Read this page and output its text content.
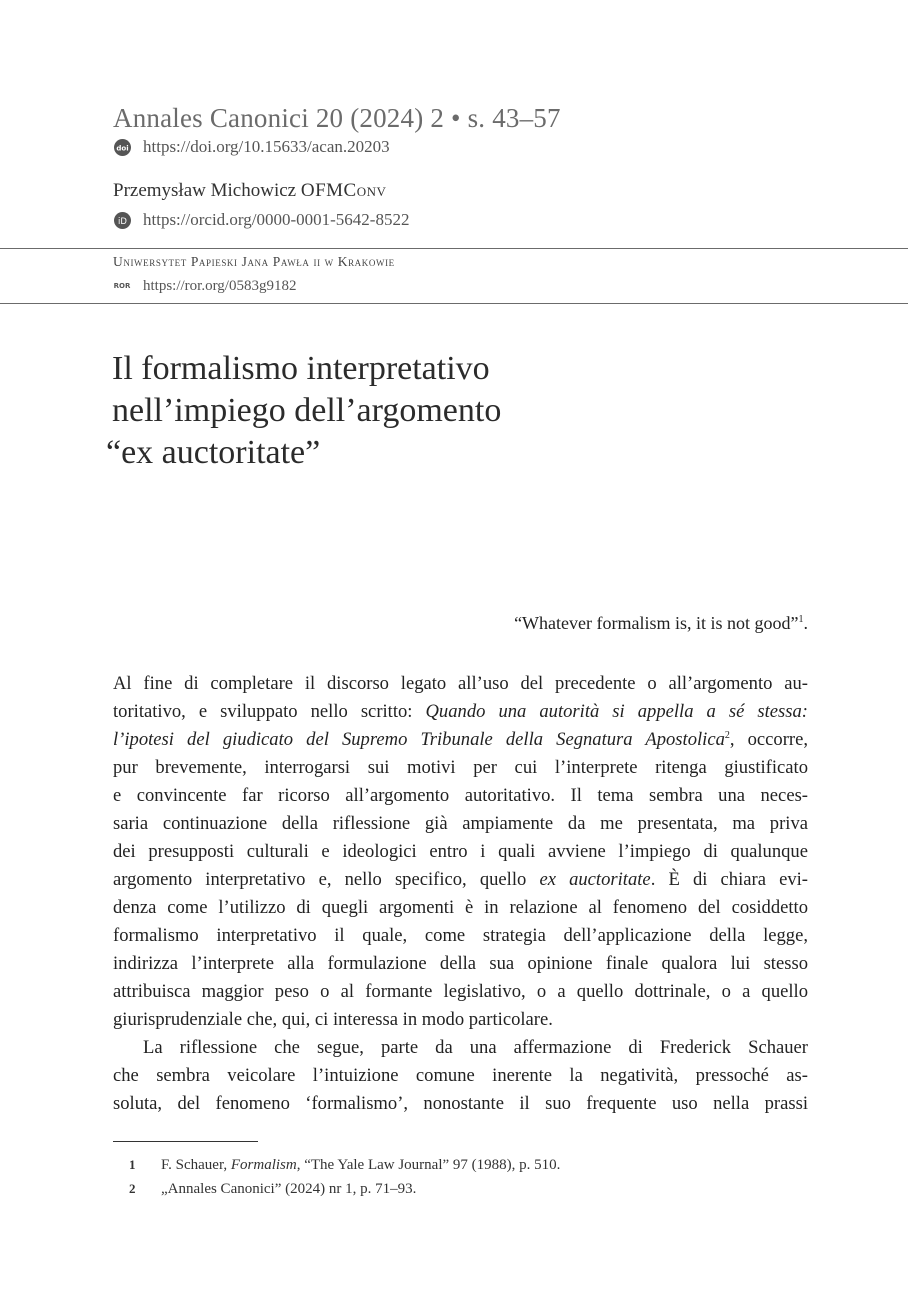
Annales Canonici 20 (2024) 2 • s. 43–57
doi https://doi.org/10.15633/acan.20203
Przemysław Michowicz OFMConv
iD https://orcid.org/0000-0001-5642-8522
Uniwersytet Papieski Jana Pawła ii w Krakowie
ROR https://ror.org/0583g9182
Il formalismo interpretativo
nell’impiego dell’argomento
“ex auctoritate”
“Whatever formalism is, it is not good”$^1$.
Al fine di completare il discorso legato all’uso del precedente o all’argomento au-
toritativo, e sviluppato nello scritto: Quando una autorità si appella a sé stessa:
l’ipotesi del giudicato del Supremo Tribunale della Segnatura Apostolica$^2$, occorre,
pur brevemente, interrogarsi sui motivi per cui l’interprete ritenga giustificato
e convincente far ricorso all’argomento autoritativo. Il tema sembra una neces-
saria continuazione della riflessione già ampiamente da me presentata, ma priva
dei presupposti culturali e ideologici entro i quali avviene l’impiego di qualunque
argomento interpretativo e, nello specifico, quello ex auctoritate. È di chiara evi-
denza come l’utilizzo di quegli argomenti è in relazione al fenomeno del cosiddetto
formalismo interpretativo il quale, come strategia dell’applicazione della legge,
indirizza l’interprete alla formulazione della sua opinione finale qualora lui stesso
attribuisca maggior peso o al formante legislativo, o a quello dottrinale, o a quello
giurisprudenziale che, qui, ci interessa in modo particolare.
La riflessione che segue, parte da una affermazione di Frederick Schauer
che sembra veicolare l’intuizione comune inerente la negatività, pressoché as-
soluta, del fenomeno ‘formalismo’, nonostante il suo frequente uso nella prassi
1	F. Schauer, Formalism, “The Yale Law Journal” 97 (1988), p. 510.
2	„Annales Canonici” (2024) nr 1, p. 71–93.
